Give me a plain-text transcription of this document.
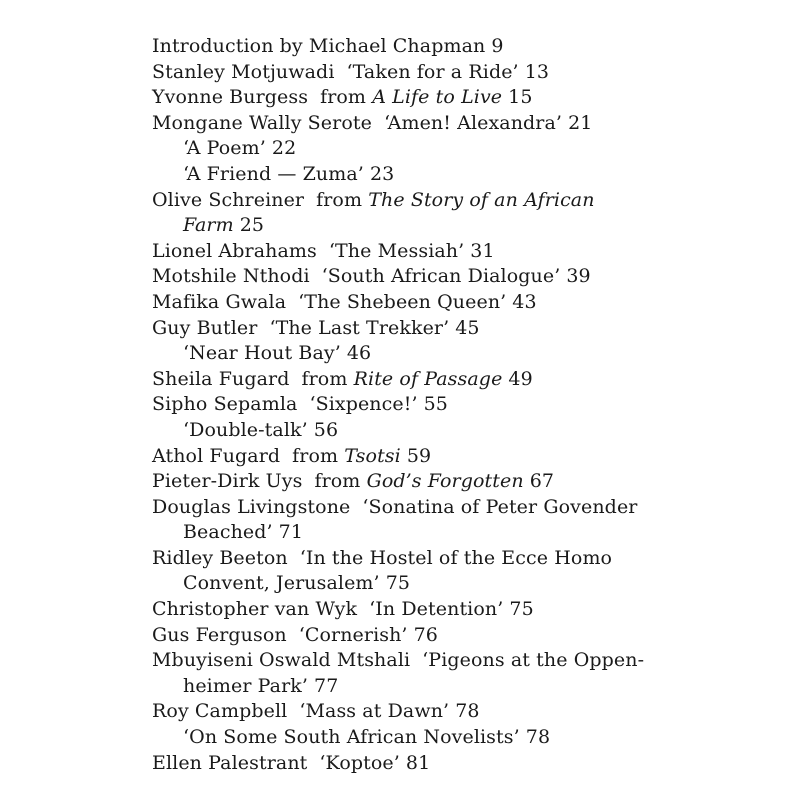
Introduction by Michael Chapman 9
Stanley Motjuwadi ‘Taken for a Ride’ 13
Yvonne Burgess from A Life to Live 15
Mongane Wally Serote ‘Amen! Alexandra’ 21
‘A Poem’ 22
‘A Friend — Zuma’ 23
Olive Schreiner from The Story of an African
Farm 25
Lionel Abrahams ‘The Messiah’ 31
Motshile Nthodi ‘South African Dialogue’ 39
Mafika Gwala ‘The Shebeen Queen’ 43
Guy Butler ‘The Last Trekker’ 45
‘Near Hout Bay’ 46
Sheila Fugard from Rite of Passage 49
Sipho Sepamla ‘Sixpence!’ 55
‘Double-talk’ 56
Athol Fugard from Tsotsi 59
Pieter-Dirk Uys from God’s Forgotten 67
Douglas Livingstone ‘Sonatina of Peter Govender
Beached’ 71
Ridley Beeton ‘In the Hostel of the Ecce Homo
Convent, Jerusalem’ 75
Christopher van Wyk ‘In Detention’ 75
Gus Ferguson ‘Cornerish’ 76
Mbuyiseni Oswald Mtshali ‘Pigeons at the Oppen-
heimer Park’ 77
Roy Campbell ‘Mass at Dawn’ 78
‘On Some South African Novelists’ 78
Ellen Palestrant ‘Koptoe’ 81
